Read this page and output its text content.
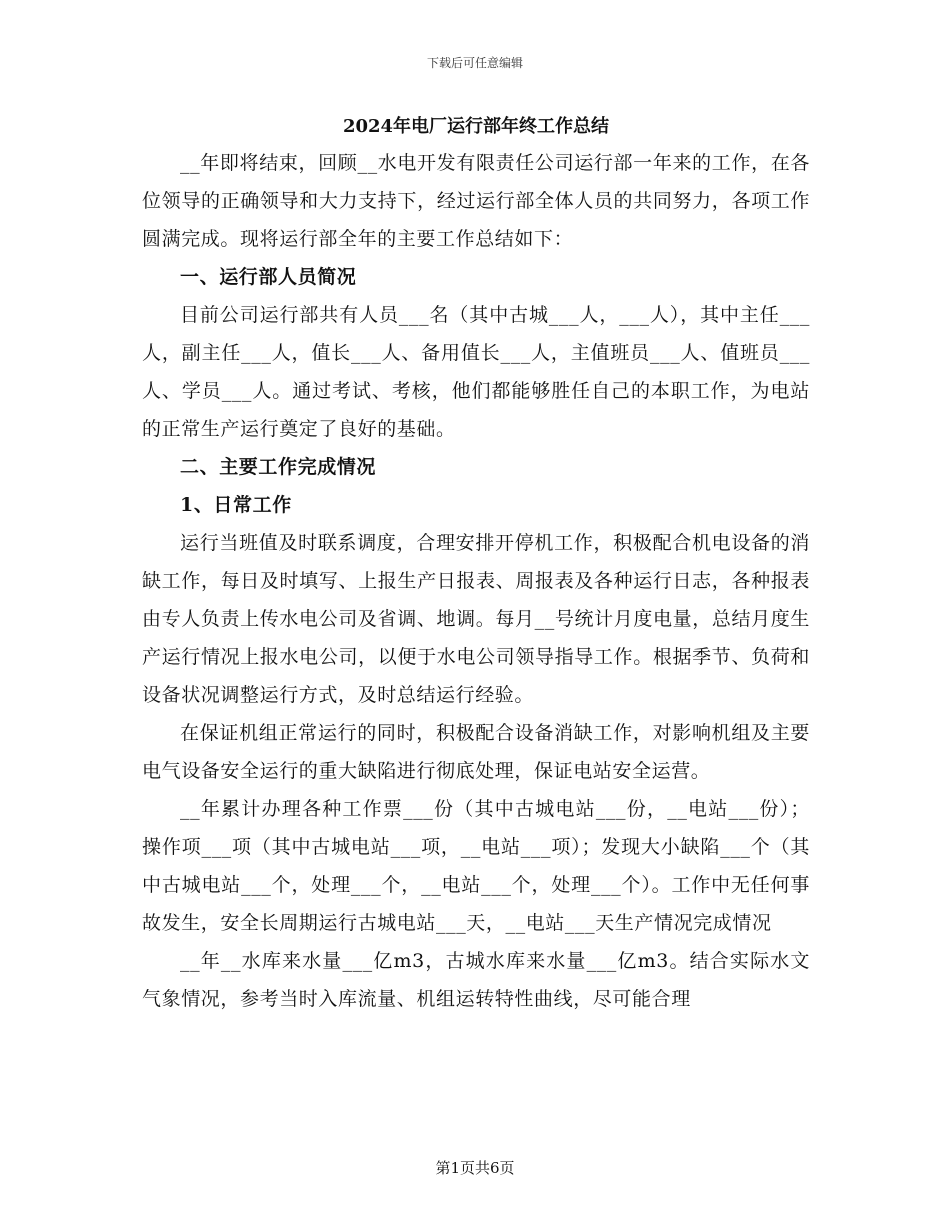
下载后可任意编辑
2024年电厂运行部年终工作总结

__年即将结束，回顾__水电开发有限责任公司运行部一年来的工作，在各位领导的正确领导和大力支持下，经过运行部全体人员的共同努力，各项工作圆满完成。现将运行部全年的主要工作总结如下：

一、运行部人员简况

目前公司运行部共有人员___名（其中古城___人，___人），其中主任___人，副主任___人，值长___人、备用值长___人，主值班员___人、值班员___人、学员___人。通过考试、考核，他们都能够胜任自己的本职工作，为电站的正常生产运行奠定了良好的基础。

二、主要工作完成情况
1、日常工作

运行当班值及时联系调度，合理安排开停机工作，积极配合机电设备的消缺工作，每日及时填写、上报生产日报表、周报表及各种运行日志，各种报表由专人负责上传水电公司及省调、地调。每月__号统计月度电量，总结月度生产运行情况上报水电公司，以便于水电公司领导指导工作。根据季节、负荷和设备状况调整运行方式，及时总结运行经验。

在保证机组正常运行的同时，积极配合设备消缺工作，对影响机组及主要电气设备安全运行的重大缺陷进行彻底处理，保证电站安全运营。

__年累计办理各种工作票___份（其中古城电站___份，__电站___份）；操作项___项（其中古城电站___项，__电站___项）；发现大小缺陷___个（其中古城电站___个，处理___个，__电站___个，处理___个）。工作中无任何事故发生，安全长周期运行古城电站___天，__电站___天生产情况完成情况

__年__水库来水量___亿m3，古城水库来水量___亿m3。结合实际水文气象情况，参考当时入库流量、机组运转特性曲线，尽可能合理

第1页共6页
